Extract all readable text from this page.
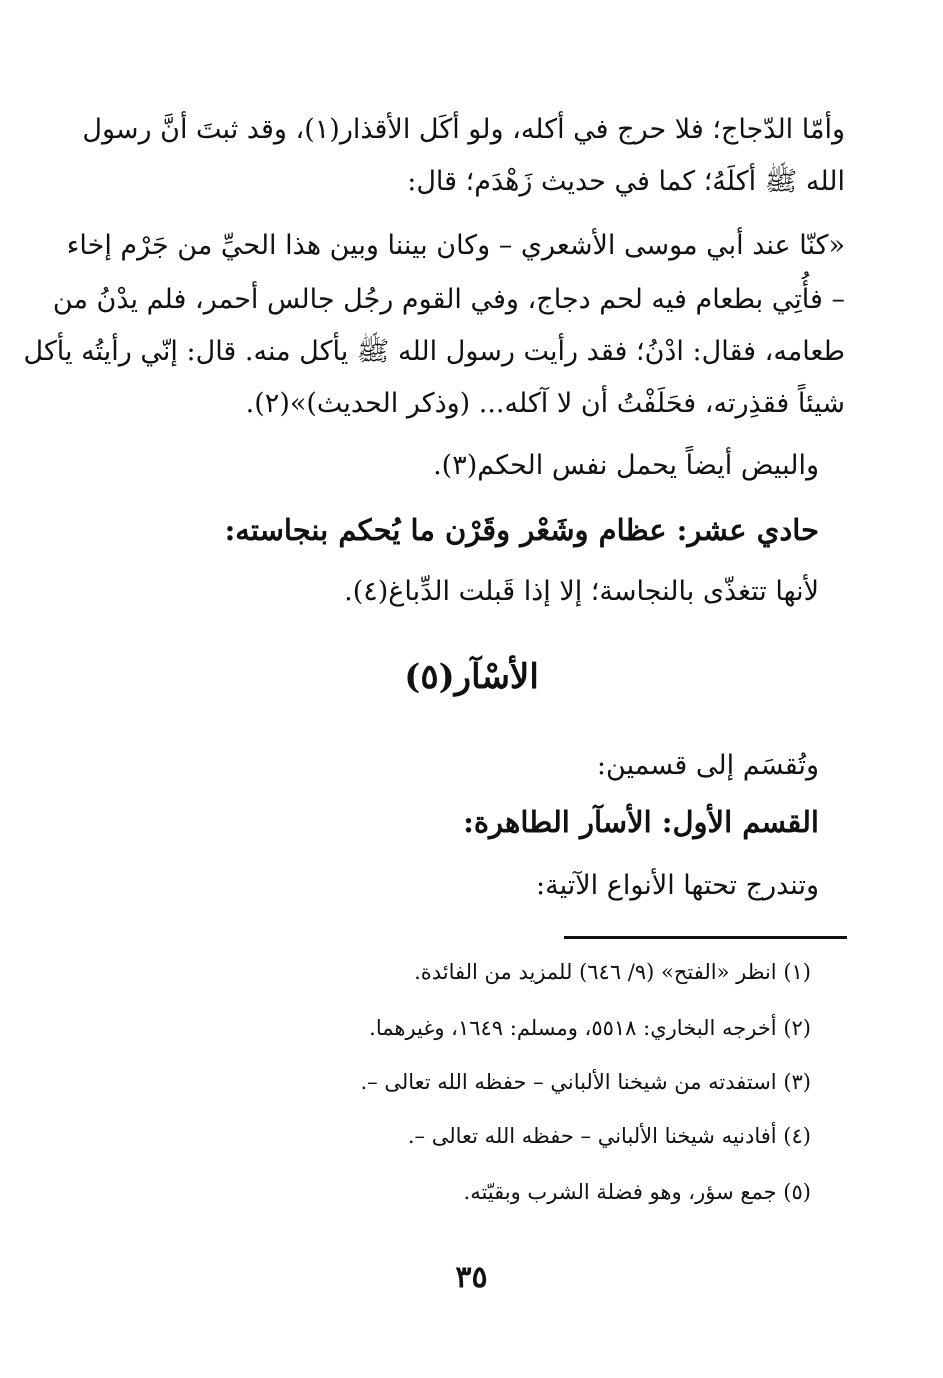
وأمّا الدّجاج؛ فلا حرج في أكله، ولو أكَل الأقذار(١)، وقد ثبتَ أنَّ رسول
الله ﷺ أكلَهُ؛ كما في حديث زَهْدَم؛ قال:
«كنّا عند أبي موسى الأشعري – وكان بيننا وبين هذا الحيِّ من جَرْم إخاء
– فأُتِي بطعام فيه لحم دجاج، وفي القوم رجُل جالس أحمر، فلم يدْنُ من
طعامه، فقال: ادْنُ؛ فقد رأيت رسول الله ﷺ يأكل منه. قال: إنّي رأيتُه يأكل
شيئاً فقذِرته، فحَلَفْتُ أن لا آكله... (وذكر الحديث)»(٢).
والبيض أيضاً يحمل نفس الحكم(٣).
حادي عشر: عظام وشَعْر وقَرْن ما يُحكم بنجاسته:
لأنها تتغذّى بالنجاسة؛ إلا إذا قَبلت الدِّباغ(٤).
الأسْآر(٥)
وتُقسَم إلى قسمين:
القسم الأول: الأسآر الطاهرة:
وتندرج تحتها الأنواع الآتية:
(١) انظر «الفتح» (٩/ ٦٤٦) للمزيد من الفائدة.
(٢) أخرجه البخاري: ٥٥١٨، ومسلم: ١٦٤٩، وغيرهما.
(٣) استفدته من شيخنا الألباني – حفظه الله تعالى –.
(٤) أفادنيه شيخنا الألباني – حفظه الله تعالى –.
(٥) جمع سؤر، وهو فضلة الشرب وبقيّته.
٣٥
